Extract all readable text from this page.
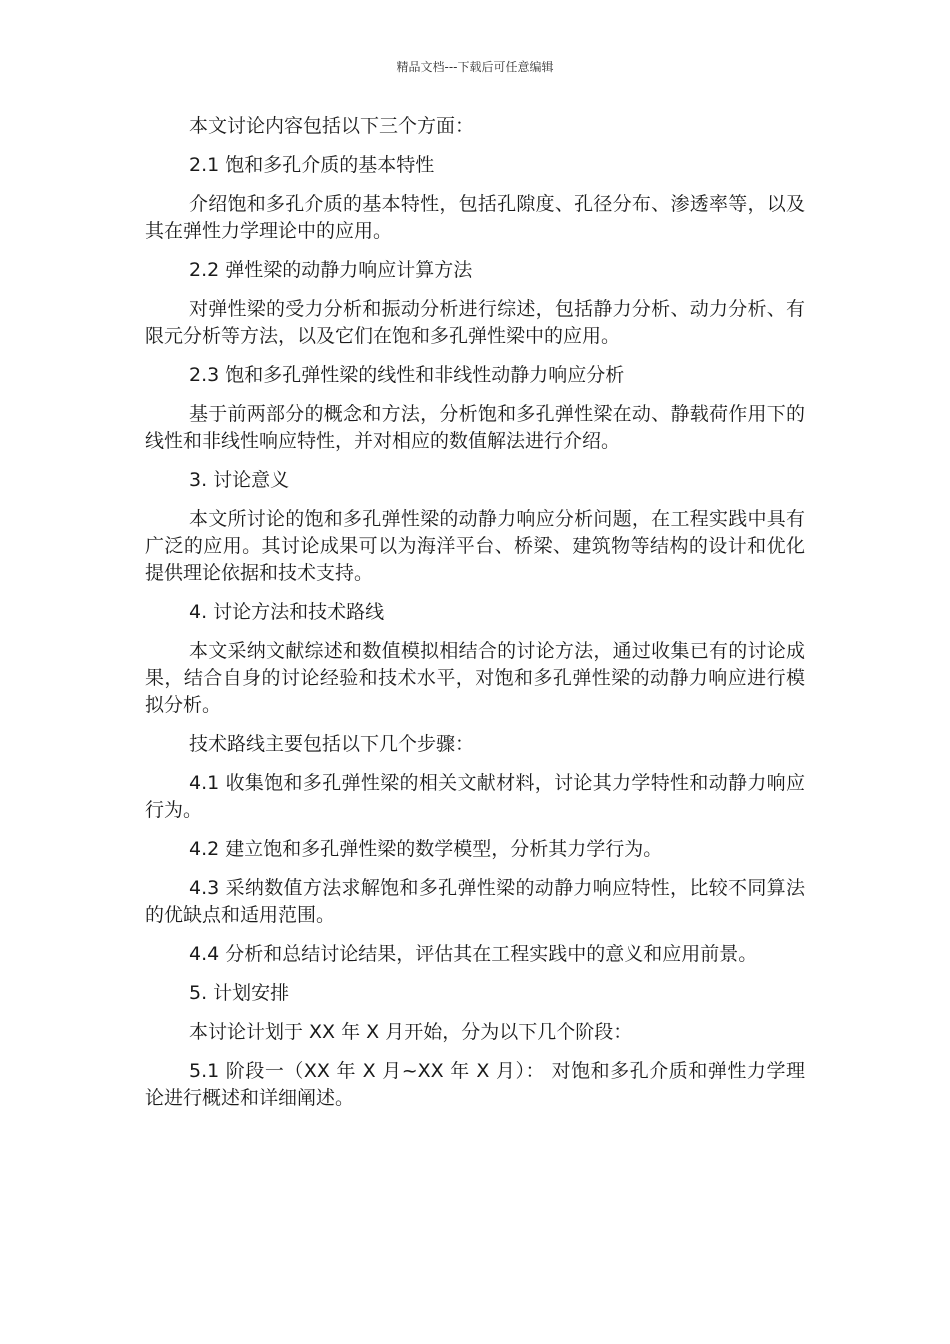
精品文档---下载后可任意编辑

本文讨论内容包括以下三个方面：

2.1 饱和多孔介质的基本特性

介绍饱和多孔介质的基本特性，包括孔隙度、孔径分布、渗透率等，以及其在弹性力学理论中的应用。

2.2 弹性梁的动静力响应计算方法

对弹性梁的受力分析和振动分析进行综述，包括静力分析、动力分析、有限元分析等方法，以及它们在饱和多孔弹性梁中的应用。

2.3 饱和多孔弹性梁的线性和非线性动静力响应分析

基于前两部分的概念和方法，分析饱和多孔弹性梁在动、静载荷作用下的线性和非线性响应特性，并对相应的数值解法进行介绍。

3. 讨论意义

本文所讨论的饱和多孔弹性梁的动静力响应分析问题，在工程实践中具有广泛的应用。其讨论成果可以为海洋平台、桥梁、建筑物等结构的设计和优化提供理论依据和技术支持。

4. 讨论方法和技术路线

本文采纳文献综述和数值模拟相结合的讨论方法，通过收集已有的讨论成果，结合自身的讨论经验和技术水平，对饱和多孔弹性梁的动静力响应进行模拟分析。

技术路线主要包括以下几个步骤：

4.1 收集饱和多孔弹性梁的相关文献材料，讨论其力学特性和动静力响应行为。

4.2 建立饱和多孔弹性梁的数学模型，分析其力学行为。

4.3 采纳数值方法求解饱和多孔弹性梁的动静力响应特性，比较不同算法的优缺点和适用范围。

4.4 分析和总结讨论结果，评估其在工程实践中的意义和应用前景。

5. 计划安排

本讨论计划于 XX 年 X 月开始，分为以下几个阶段：

5.1 阶段一（XX 年 X 月~XX 年 X 月）： 对饱和多孔介质和弹性力学理论进行概述和详细阐述。
